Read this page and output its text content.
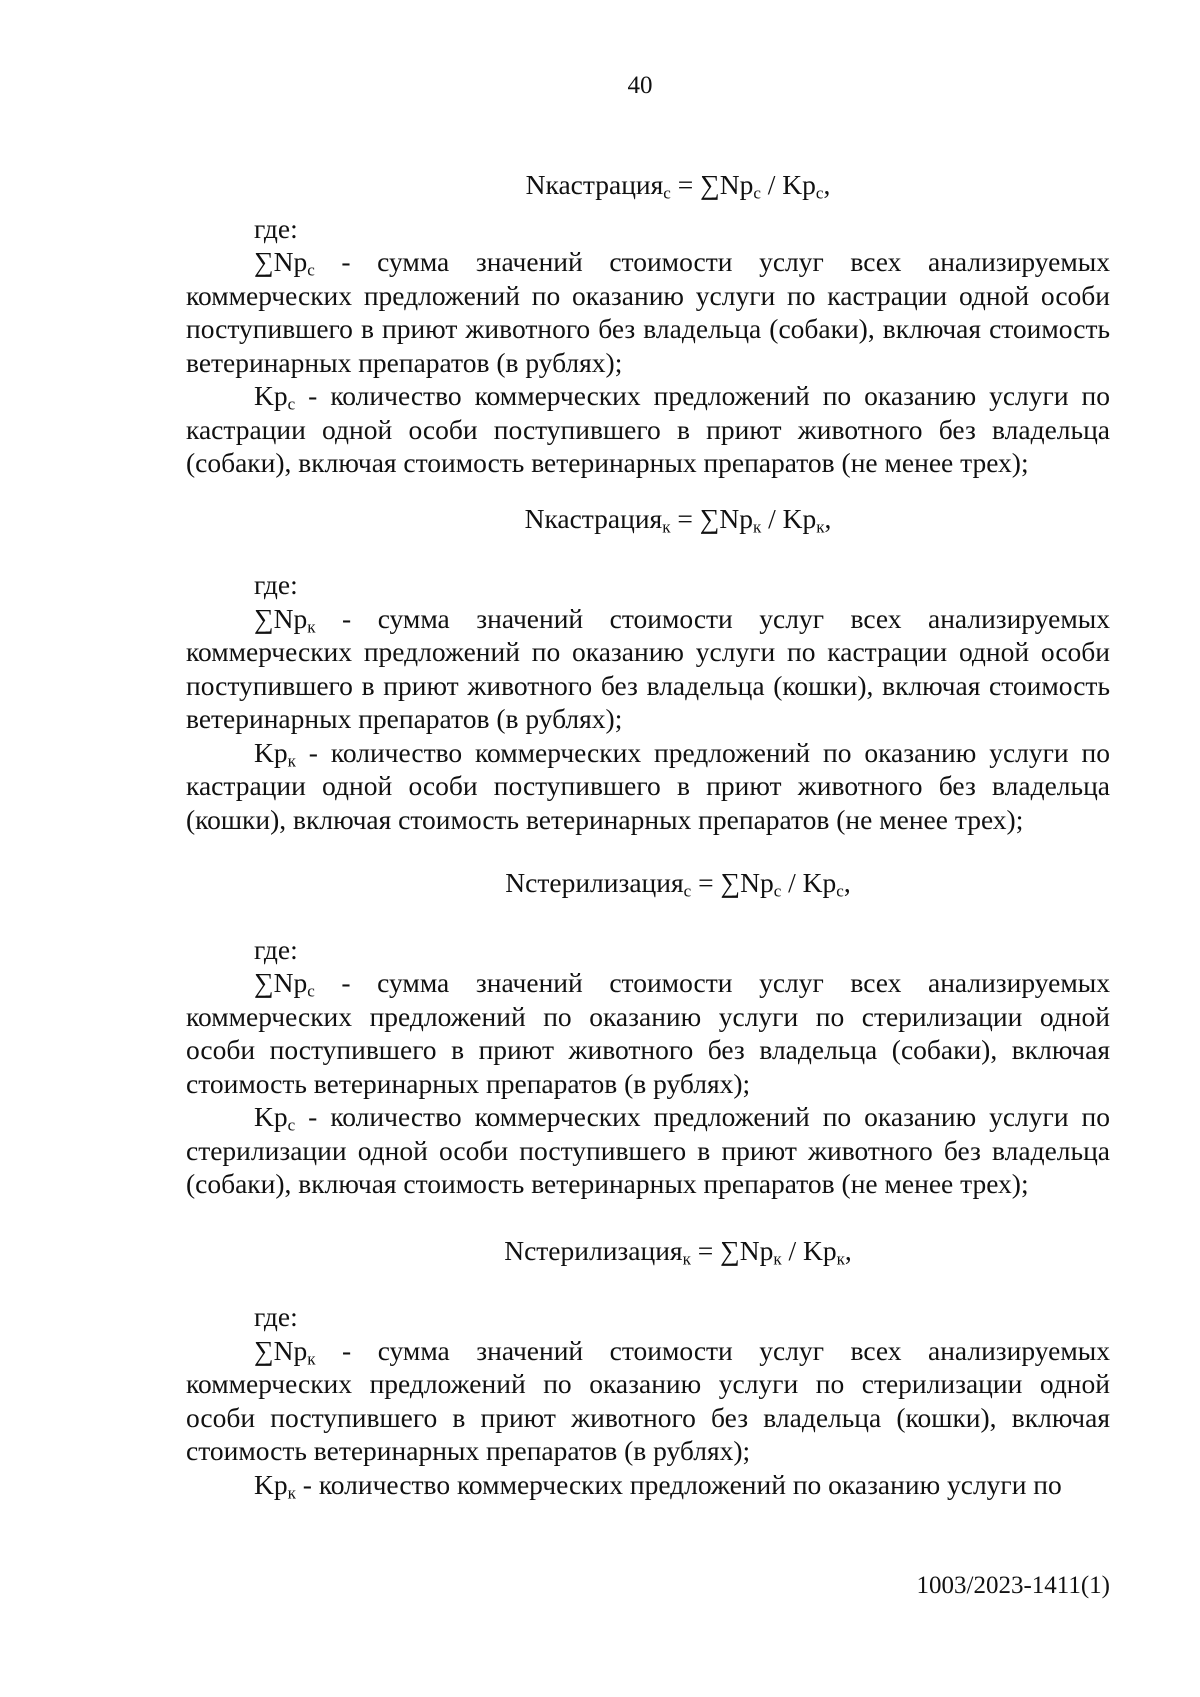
40
Nкастрация$_с$ = $\sum Np_с / Kp_с$,
где:

$\sum Np_с$ - сумма значений стоимости услуг всех анализируемых коммерческих предложений по оказанию услуги по кастрации одной особи поступившего в приют животного без владельца (собаки), включая стоимость ветеринарных препаратов (в рублях);

$Kp_с$ - количество коммерческих предложений по оказанию услуги по кастрации одной особи поступившего в приют животного без владельца (собаки), включая стоимость ветеринарных препаратов (не менее трех);

Nкастрация$_к$ = $\sum Np_к / Kp_к$,
где:

$\sum Np_к$ - сумма значений стоимости услуг всех анализируемых коммерческих предложений по оказанию услуги по кастрации одной особи поступившего в приют животного без владельца (кошки), включая стоимость ветеринарных препаратов (в рублях);

$Kp_к$ - количество коммерческих предложений по оказанию услуги по кастрации одной особи поступившего в приют животного без владельца (кошки), включая стоимость ветеринарных препаратов (не менее трех);

Nстерилизация$_с$ = $\sum Np_с / Kp_с$,
где:

$\sum Np_с$ - сумма значений стоимости услуг всех анализируемых коммерческих предложений по оказанию услуги по стерилизации одной особи поступившего в приют животного без владельца (собаки), включая стоимость ветеринарных препаратов (в рублях);

$Kp_с$ - количество коммерческих предложений по оказанию услуги по стерилизации одной особи поступившего в приют животного без владельца (собаки), включая стоимость ветеринарных препаратов (не менее трех);

Nстерилизация$_к$ = $\sum Np_к / Kp_к$,
где:

$\sum Np_к$ - сумма значений стоимости услуг всех анализируемых коммерческих предложений по оказанию услуги по стерилизации одной особи поступившего в приют животного без владельца (кошки), включая стоимость ветеринарных препаратов (в рублях);

$Kp_к$ - количество коммерческих предложений по оказанию услуги по

1003/2023-1411(1)
